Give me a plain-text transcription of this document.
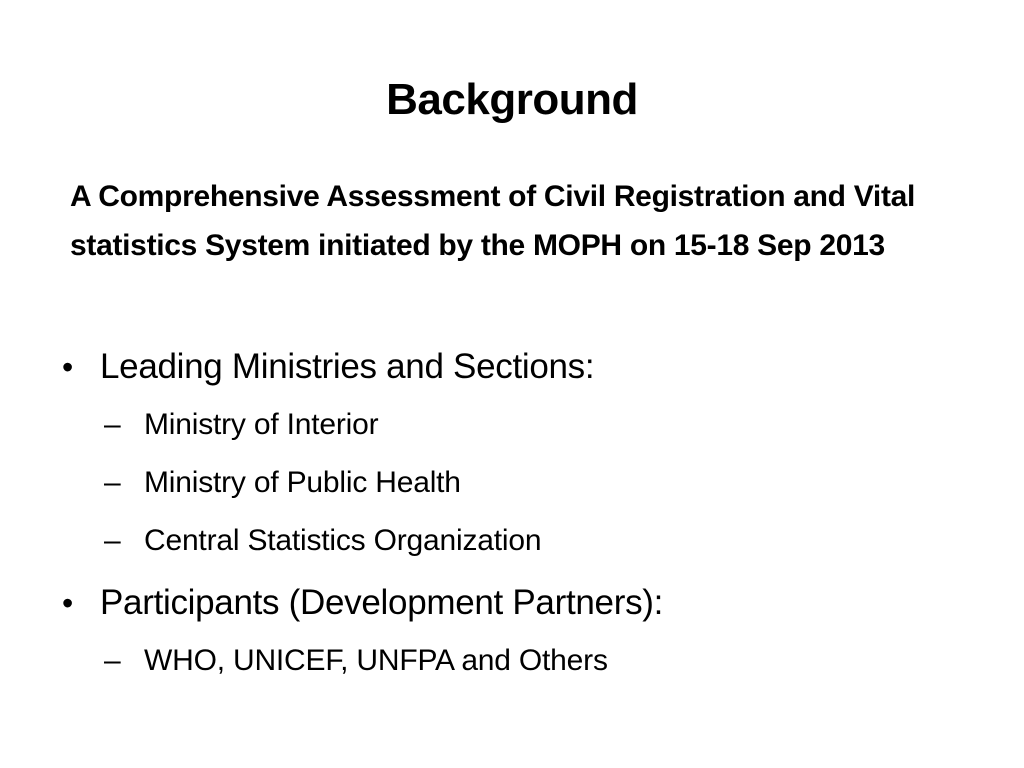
Background
A Comprehensive Assessment of Civil Registration and Vital statistics System initiated by the MOPH on 15-18 Sep 2013
• Leading Ministries and Sections:
– Ministry of Interior
– Ministry of Public Health
– Central Statistics Organization
• Participants (Development Partners):
– WHO, UNICEF, UNFPA and Others
